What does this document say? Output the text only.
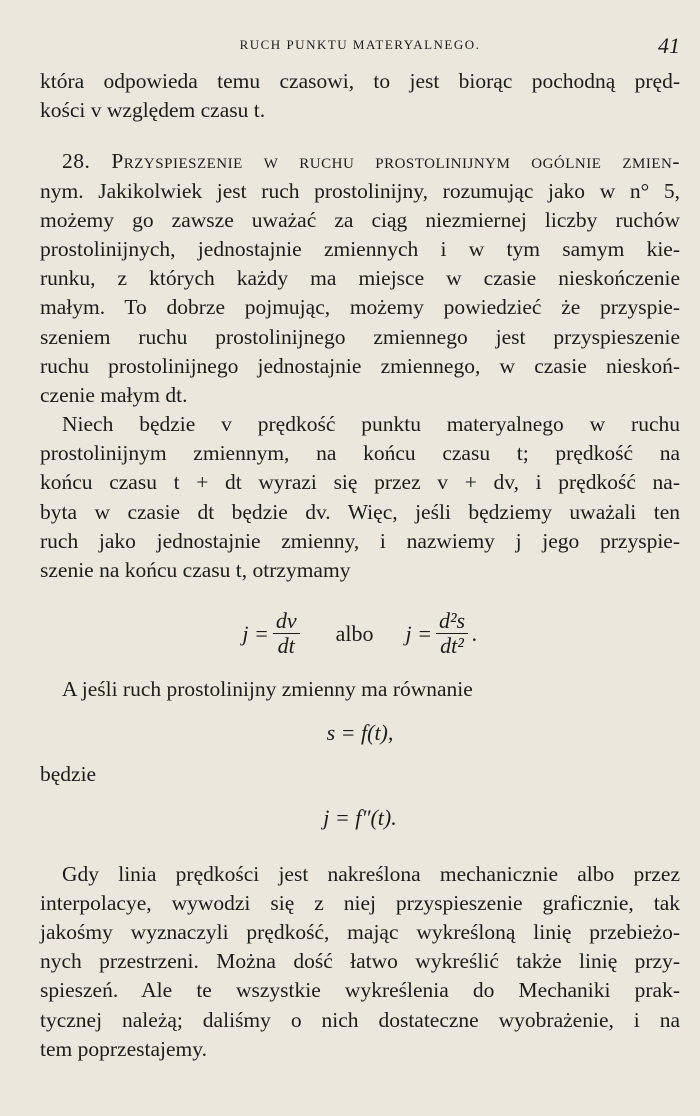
RUCH PUNKTU MATERYALNEGO.	41
która odpowieda temu czasowi, to jest biorąc pochodną pręd-
kości v względem czasu t.
28. Przyspieszenie w ruchu prostolinijnym ogólnie zmien-
nym. Jakikolwiek jest ruch prostolinijny, rozumując jako w n° 5,
możemy go zawsze uważać za ciąg niezmiernej liczby ruchów
prostolinijnych, jednostajnie zmiennych i w tym samym kie-
runku, z których każdy ma miejsce w czasie nieskończenie
małym. To dobrze pojmując, możemy powiedzieć że przyspie-
szeniem ruchu prostolinijnego zmiennego jest przyspieszenie
ruchu prostolinijnego jednostajnie zmiennego, w czasie nieskoń-
czenie małym dt.
Niech będzie v prędkość punktu materyalnego w ruchu
prostolinijnym zmiennym, na końcu czasu t; prędkość na
końcu czasu t + dt wyrazi się przez v + dv, i prędkość na-
byta w czasie dt będzie dv. Więc, jeśli będziemy uważali ten
ruch jako jednostajnie zmienny, i nazwiemy j jego przyspie-
szenie na końcu czasu t, otrzymamy
$j = \frac{dv}{dt}$ albo $j = \frac{\text{d²s}}{\text{dt²}}$ .
A jeśli ruch prostolinijny zmienny ma równanie
s = f(t),
będzie
j = f″(t).
Gdy linia prędkości jest nakreślona mechanicznie albo przez
interpolacye, wywodzi się z niej przyspieszenie graficznie, tak
jakośmy wyznaczyli prędkość, mając wykreśloną linię przebieżo-
nych przestrzeni. Można dość łatwo wykreślić także linię przy-
spieszeń. Ale te wszystkie wykreślenia do Mechaniki prak-
tycznej należą; daliśmy o nich dostateczne wyobrażenie, i na
tem poprzestajemy.
